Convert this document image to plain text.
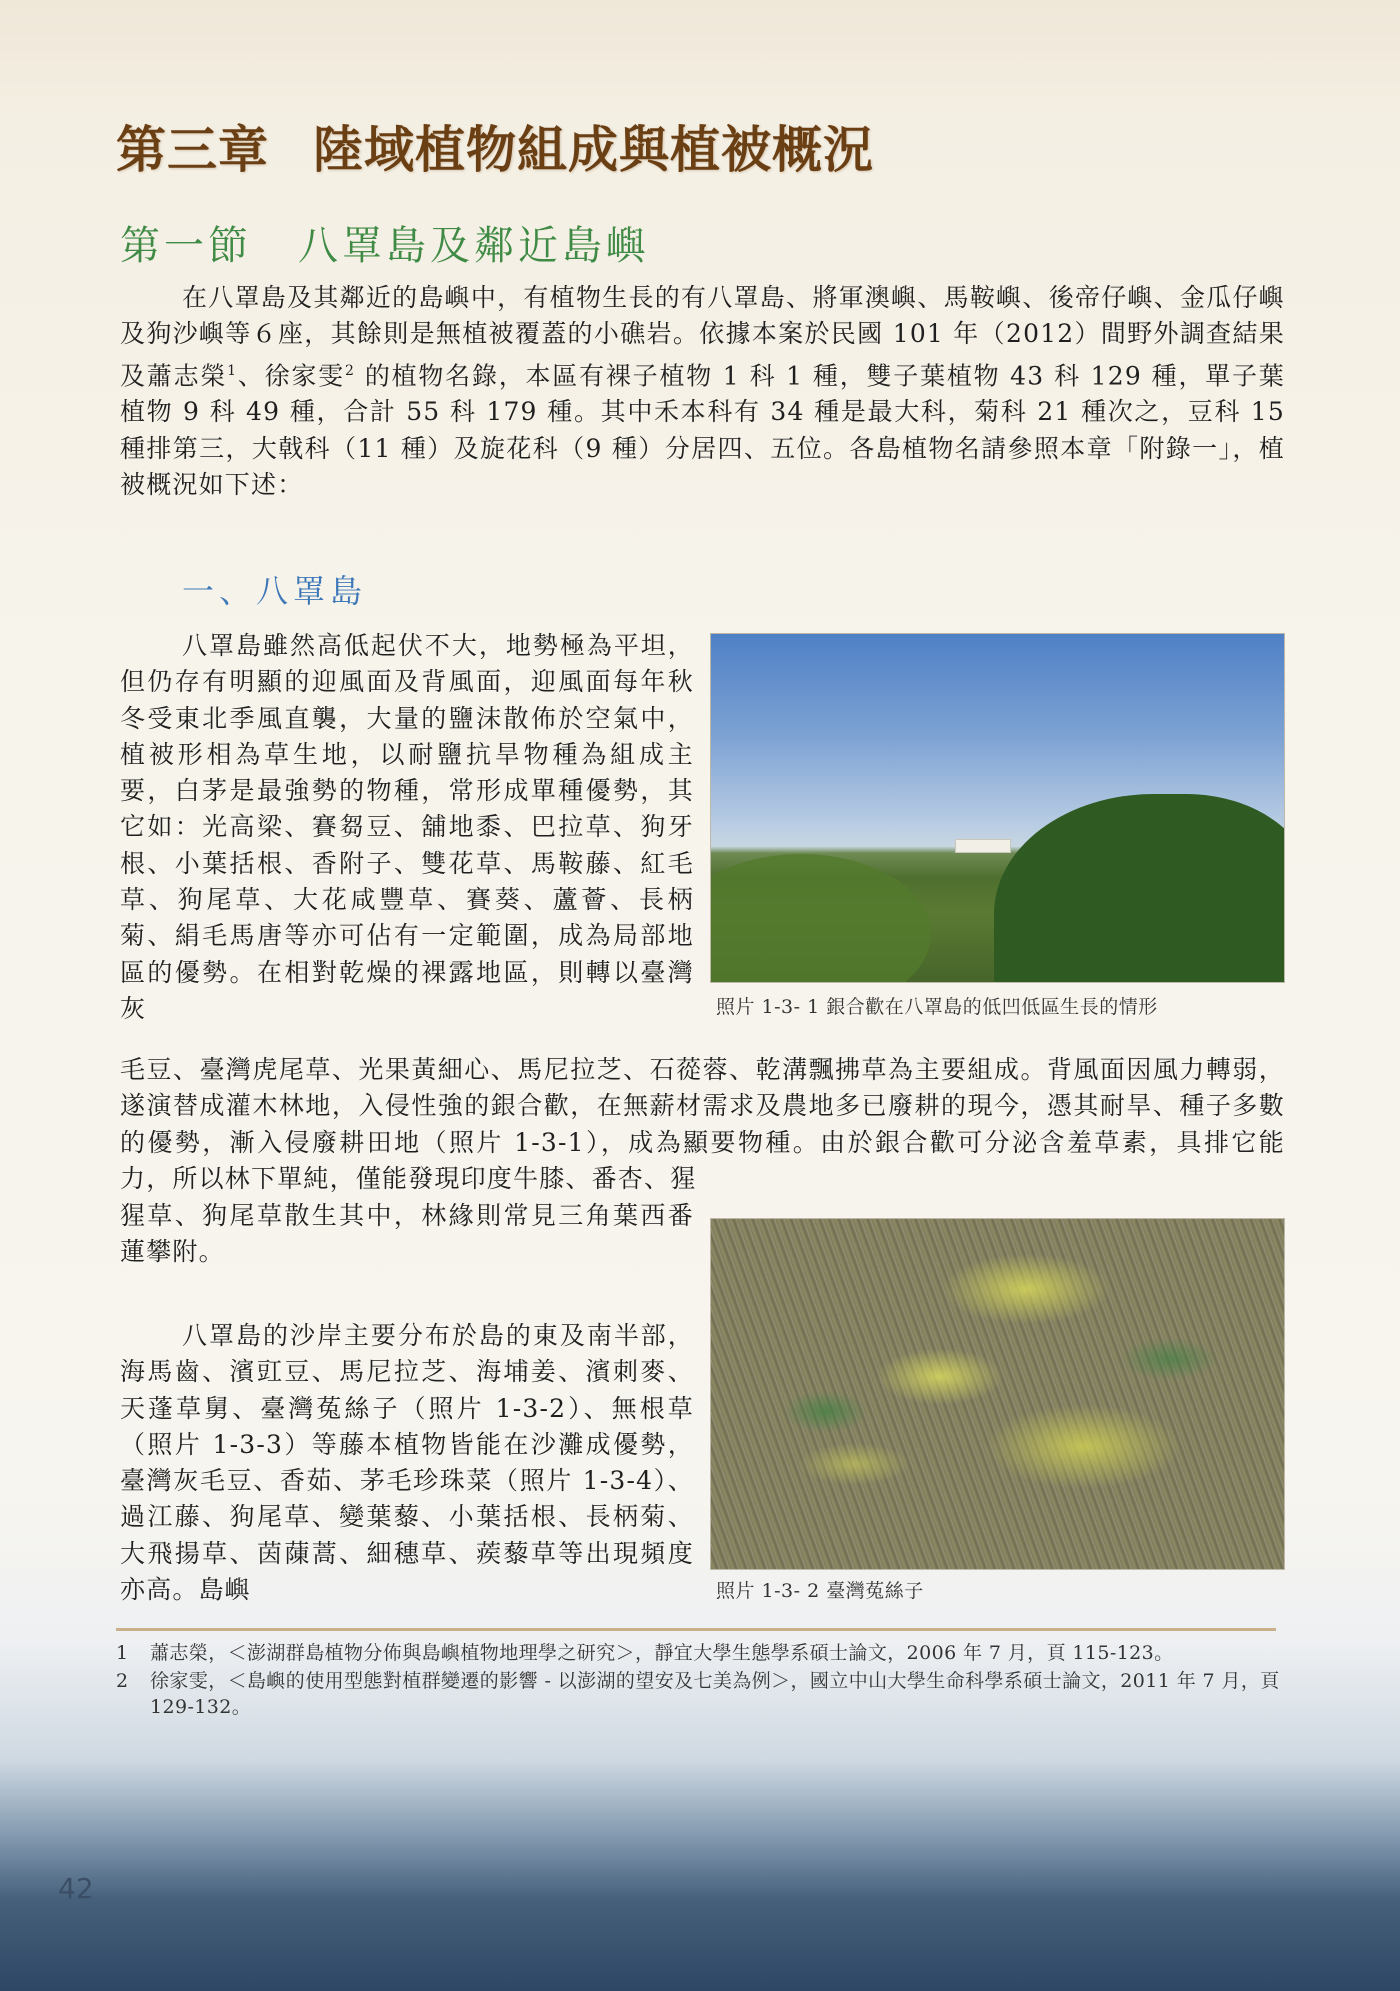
第三章 陸域植物組成與植被概況
第一節 八罩島及鄰近島嶼

在八罩島及其鄰近的島嶼中，有植物生長的有八罩島、將軍澳嶼、馬鞍嶼、後帝仔嶼、金瓜仔嶼及狗沙嶼等６座，其餘則是無植被覆蓋的小礁岩。依據本案於民國 101 年（2012）間野外調查結果及蕭志榮$^1$、徐家雯$^2$ 的植物名錄，本區有裸子植物 1 科 1 種，雙子葉植物 43 科 129 種，單子葉植物 9 科 49 種，合計 55 科 179 種。其中禾本科有 34 種是最大科，菊科 21 種次之，豆科 15 種排第三，大戟科（11 種）及旋花科（9 種）分居四、五位。各島植物名請參照本章「附錄一」，植被概況如下述：

一、八罩島

八罩島雖然高低起伏不大，地勢極為平坦，但仍存有明顯的迎風面及背風面，迎風面每年秋冬受東北季風直襲，大量的鹽沫散佈於空氣中，植被形相為草生地，以耐鹽抗旱物種為組成主要，白茅是最強勢的物種，常形成單種優勢，其它如：光高梁、賽芻豆、舖地黍、巴拉草、狗牙根、小葉括根、香附子、雙花草、馬鞍藤、紅毛草、狗尾草、大花咸豐草、賽葵、蘆薈、長柄菊、絹毛馬唐等亦可佔有一定範圍，成為局部地區的優勢。在相對乾燥的裸露地區，則轉以臺灣灰	照片 1-3- 1 銀合歡在八罩島的低凹低區生長的情形

毛豆、臺灣虎尾草、光果黃細心、馬尼拉芝、石蓯蓉、乾溝飄拂草為主要組成。背風面因風力轉弱，遂演替成灌木林地，入侵性強的銀合歡，在無薪材需求及農地多已廢耕的現今，憑其耐旱、種子多數的優勢，漸入侵廢耕田地（照片 1-3-1），成為顯要物種。由於銀合歡可分泌含羞草素，具排它能力，所以林下單純，僅能發現印度牛膝、番杏、猩

猩草、狗尾草散生其中，林緣則常見三角葉西番蓮攀附。

照片 1-3- 2 臺灣菟絲子

八罩島的沙岸主要分布於島的東及南半部，海馬齒、濱豇豆、馬尼拉芝、海埔姜、濱刺麥、天蓬草舅、臺灣菟絲子（照片 1-3-2）、無根草（照片 1-3-3）等藤本植物皆能在沙灘成優勢，臺灣灰毛豆、香茹、茅毛珍珠菜（照片 1-3-4）、過江藤、狗尾草、變葉藜、小葉括根、長柄菊、大飛揚草、茵蔯蒿、細穗草、蒺藜草等出現頻度亦高。島嶼

1	蕭志榮，＜澎湖群島植物分佈與島嶼植物地理學之研究＞，靜宜大學生態學系碩士論文，2006 年 7 月，頁 115-123。
2	徐家雯，＜島嶼的使用型態對植群變遷的影響 - 以澎湖的望安及七美為例＞，國立中山大學生命科學系碩士論文，2011 年 7 月，頁 129-132。

42
